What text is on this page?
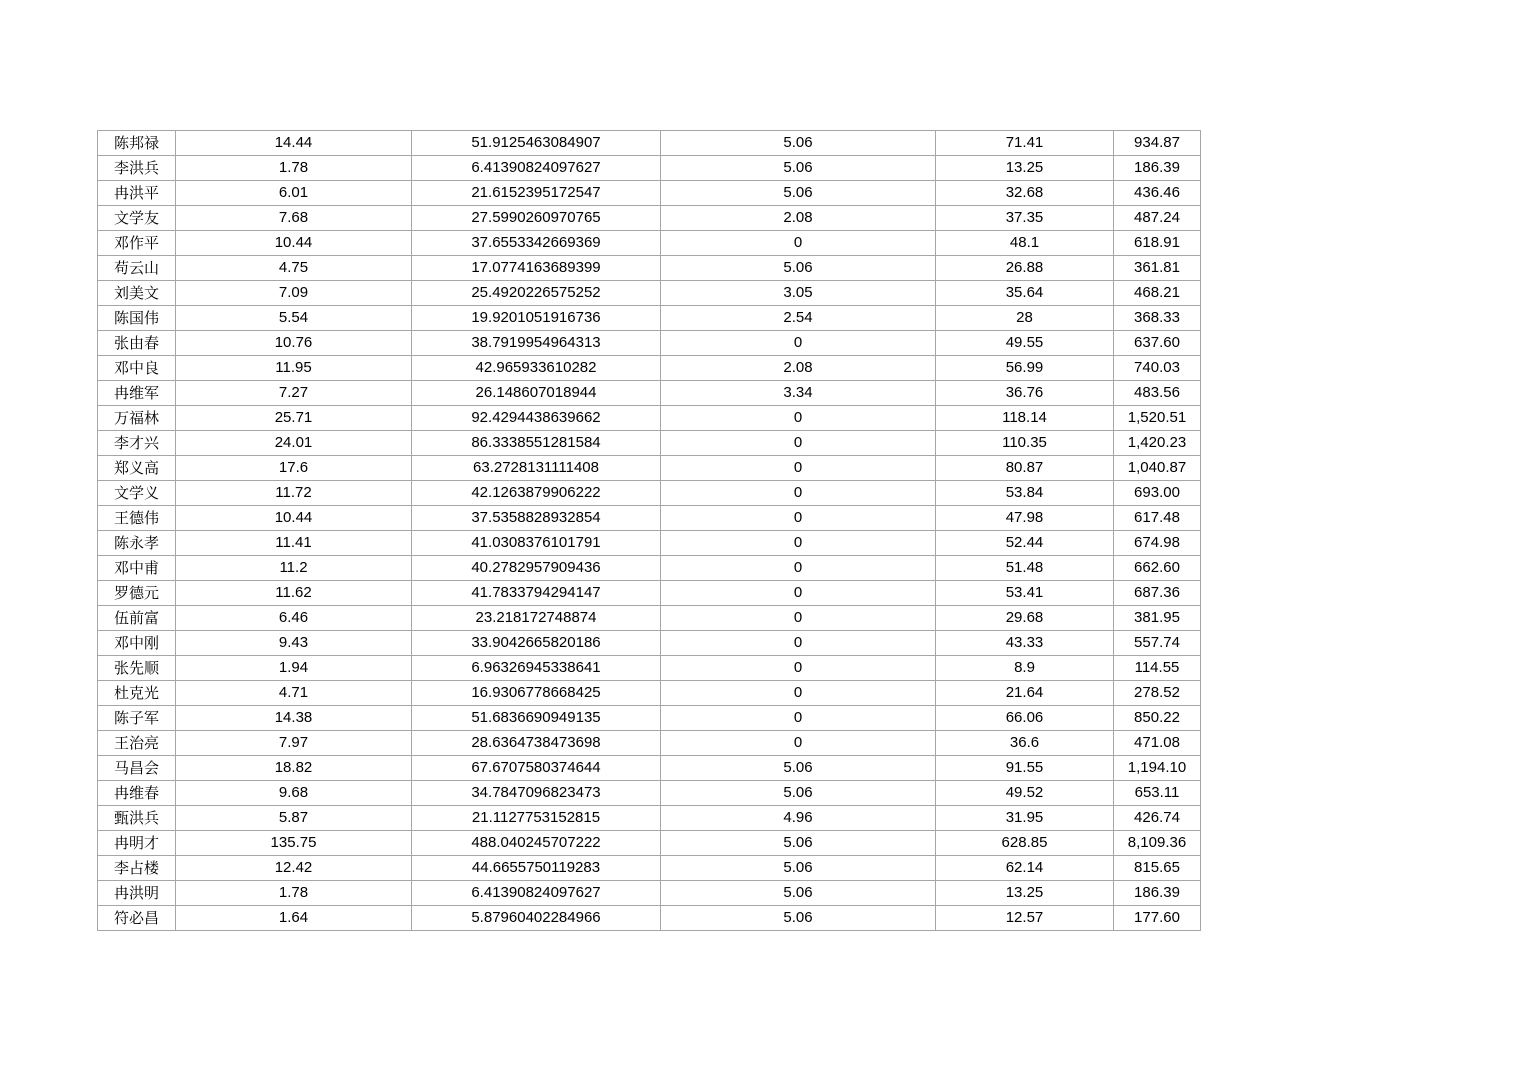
陈邦禄	14.44	51.9125463084907	5.06	71.41	934.87
李洪兵	1.78	6.41390824097627	5.06	13.25	186.39
冉洪平	6.01	21.6152395172547	5.06	32.68	436.46
文学友	7.68	27.5990260970765	2.08	37.35	487.24
邓作平	10.44	37.6553342669369	0	48.1	618.91
苟云山	4.75	17.0774163689399	5.06	26.88	361.81
刘美文	7.09	25.4920226575252	3.05	35.64	468.21
陈国伟	5.54	19.9201051916736	2.54	28	368.33
张由春	10.76	38.7919954964313	0	49.55	637.60
邓中良	11.95	42.965933610282	2.08	56.99	740.03
冉维军	7.27	26.148607018944	3.34	36.76	483.56
万福林	25.71	92.4294438639662	0	118.14	1,520.51
李才兴	24.01	86.3338551281584	0	110.35	1,420.23
郑义高	17.6	63.2728131111408	0	80.87	1,040.87
文学义	11.72	42.1263879906222	0	53.84	693.00
王德伟	10.44	37.5358828932854	0	47.98	617.48
陈永孝	11.41	41.0308376101791	0	52.44	674.98
邓中甫	11.2	40.2782957909436	0	51.48	662.60
罗德元	11.62	41.7833794294147	0	53.41	687.36
伍前富	6.46	23.218172748874	0	29.68	381.95
邓中刚	9.43	33.9042665820186	0	43.33	557.74
张先顺	1.94	6.96326945338641	0	8.9	114.55
杜克光	4.71	16.9306778668425	0	21.64	278.52
陈子军	14.38	51.6836690949135	0	66.06	850.22
王治亮	7.97	28.6364738473698	0	36.6	471.08
马昌会	18.82	67.6707580374644	5.06	91.55	1,194.10
冉维春	9.68	34.7847096823473	5.06	49.52	653.11
甄洪兵	5.87	21.1127753152815	4.96	31.95	426.74
冉明才	135.75	488.040245707222	5.06	628.85	8,109.36
李占楼	12.42	44.6655750119283	5.06	62.14	815.65
冉洪明	1.78	6.41390824097627	5.06	13.25	186.39
符必昌	1.64	5.87960402284966	5.06	12.57	177.60
